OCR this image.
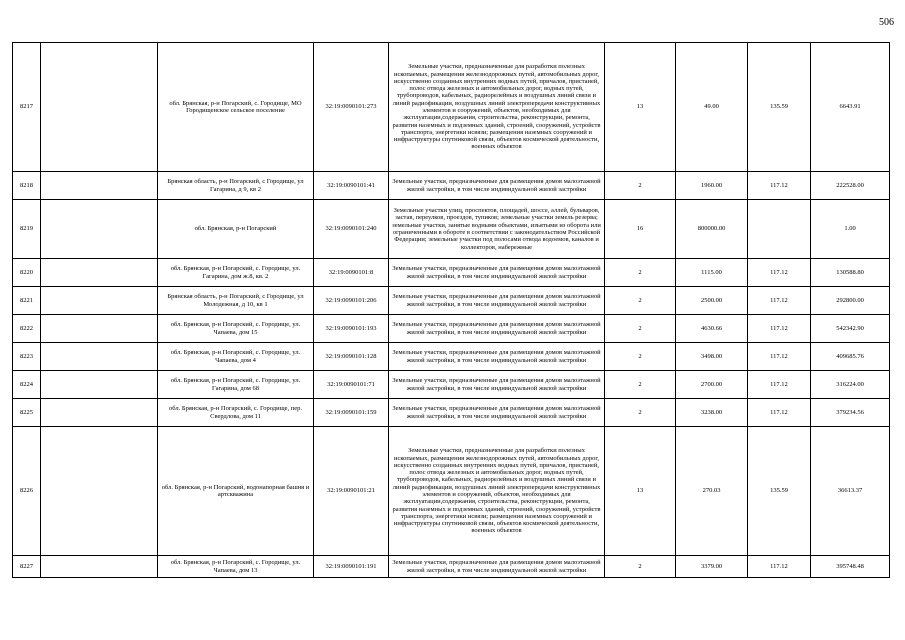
506
8217		обл. Брянская, р-н Погарский, с. Городище, МО Городищенское сельское поселение	32:19:0090101:273	Земельные участки, предназначенные для разработки полезных ископаемых, размещения железнодорожных путей, автомобильных дорог, искусственно созданных внутренних водных путей, причалов, пристаней, полос отвода железных и автомобильных дорог, водных путей, трубопроводов, кабельных, радиорелейных и воздушных линий связи и линий радиофикации, воздушных линий электропередачи конструктивных элементов и сооружений, объектов, необходимых для эксплуатации,содержания, строительства, реконструкции, ремонта, развития наземных и подземных зданий, строений, сооружений, устройств транспорта, энергетики исвязи; размещения наземных сооружений и инфраструктуры спутниковой связи, объектов космической деятельности, военных объектов	13	49.00	135.59	6643.91
8218		Брянская область, р-н Погарский, с Городище, ул Гагарина, д 9, кв 2	32:19:0090101:41	Земельные участки, предназначенные для размещения домов малоэтажной жилой застройки, в том числе индивидуальной жилой застройки	2	1960.00	117.12	222528.00
8219		обл. Брянская, р-н Погарский	32:19:0090101:240	Земельные участки улиц, проспектов, площадей, шоссе, аллей, бульваров, застав, переулков, проездов, тупиков; земельные участки земель резерва; земельные участки, занятые водными объектами, изъятыми из оборота или ограниченными в обороте в соответствии с законодательством Российской Федерации; земельные участки под полосами отвода водоемов, каналов и коллекторов, набережные	16	800000.00		1.00
8220		обл. Брянская, р-н Погарский, с. Городище, ул. Гагарина, дом ж.8, кв. 2	32:19:0090101:8	Земельные участки, предназначенные для размещения домов малоэтажной жилой застройки, в том числе индивидуальной жилой застройки	2	1115.00	117.12	130588.80
8221		Брянская область, р-н Погарский, с Городище, ул Молодежная, д 10, кв 1	32:19:0090101:206	Земельные участки, предназначенные для размещения домов малоэтажной жилой застройки, в том числе индивидуальной жилой застройки	2	2500.00	117.12	292800.00
8222		обл. Брянская, р-н Погарский, с. Городище, ул. Чапаева, дом 15	32:19:0090101:193	Земельные участки, предназначенные для размещения домов малоэтажной жилой застройки, в том числе индивидуальной жилой застройки	2	4630.66	117.12	542342.90
8223		обл. Брянская, р-н Погарский, с. Городище, ул. Чапаева, дом 4	32:19:0090101:128	Земельные участки, предназначенные для размещения домов малоэтажной жилой застройки, в том числе индивидуальной жилой застройки	2	3498.00	117.12	409685.76
8224		обл. Брянская, р-н Погарский, с. Городище, ул. Гагарина, дом 68	32:19:0090101:71	Земельные участки, предназначенные для размещения домов малоэтажной жилой застройки, в том числе индивидуальной жилой застройки	2	2700.00	117.12	316224.00
8225		обл. Брянская, р-н Погарский, с. Городище, пер. Свердлова, дом 11	32:19:0090101:159	Земельные участки, предназначенные для размещения домов малоэтажной жилой застройки, в том числе индивидуальной жилой застройки	2	3238.00	117.12	379234.56
8226		обл. Брянская, р-н Погарский, водонапорная башня и артскважина	32:19:0090101:21	Земельные участки, предназначенные для разработки полезных ископаемых, размещения железнодорожных путей, автомобильных дорог, искусственно созданных внутренних водных путей, причалов, пристаней, полос отвода железных и автомобильных дорог, водных путей, трубопроводов, кабельных, радиорелейных и воздушных линий связи и линий радиофикации, воздушных линий электропередачи конструктивных элементов и сооружений, объектов, необходимых для эксплуатации,содержания, строительства, реконструкции, ремонта, развития наземных и подземных зданий, строений, сооружений, устройств транспорта, энергетики исвязи; размещения наземных сооружений и инфраструктуры спутниковой связи, объектов космической деятельности, военных объектов	13	270.03	135.59	36613.37
8227		обл. Брянская, р-н Погарский, с. Городище, ул. Чапаева, дом 13	32:19:0090101:191	Земельные участки, предназначенные для размещения домов малоэтажной жилой застройки, в том числе индивидуальной жилой застройки	2	3379.00	117.12	395748.48
